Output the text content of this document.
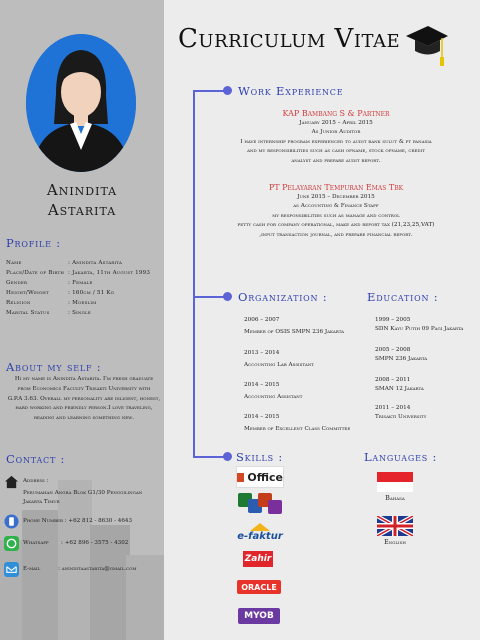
Anindita
Astarita
Profile :
Name	: Anindita Astarita
Place/Date of Birth : Jakarta, 11th August 1993
Gender	: Female
Height/Weight	: 160cm / 51 Kg
Religion	: Moeslim
Marital Status	: Single
About my self :
Hi my name is Anindita Astarita. I'm fresh graduate
from Economics Faculty Trisakti University with
G.P.A 3.63. Overall my personality are diligent, honest,
hard working and friendly person.I love traveling,
reading and learning something new.
Contact :
Address :
Perumahan Angra Blok G1/30 Penggilingan
Jakarta Timur
Phone Number : +62 812 - 8630 - 4643
Whatsapp       : +62 896 - 3575 - 4302
E-mail          : aninditaastarita@gmail.com
Curriculum Vitae
Work Experience
KAP Bambang S & Partner
January 2015 – April 2015
As Junior Auditor
I have internship program experienced to audit bank sulut & pt panasia
and my responsibilities such as cash opname, stock opname, credit
analyst and prepare audit report.
PT Pelayaran Tempuran Emas Tbk
June 2015 – December 2015
as Accounting & Finance Staff
my responsibilities such as manage and control
petty cash for company operational, make and report tax (21,23,25,VAT)
,input transaction journal, and prepare financial report.
Organization :
2006 – 2007
Member of OSIS SMPN 236 Jakarta
2013 – 2014
Accounting Lab Assistant
2014 – 2015
Accounting Assistant
2014 – 2015
Member of Excellent Class Committee
Education :
1999 – 2005
SDN Kayu Putih 09 Pagi Jakarta
2005 – 2008
SMPN 236 Jakarta
2008 – 2011
SMAN 12 Jakarta
2011 – 2014
Trisakti University
Skills :
Office
e-faktur
Zahir
ORACLE
MYOB
Languages :
Bahasa
English
